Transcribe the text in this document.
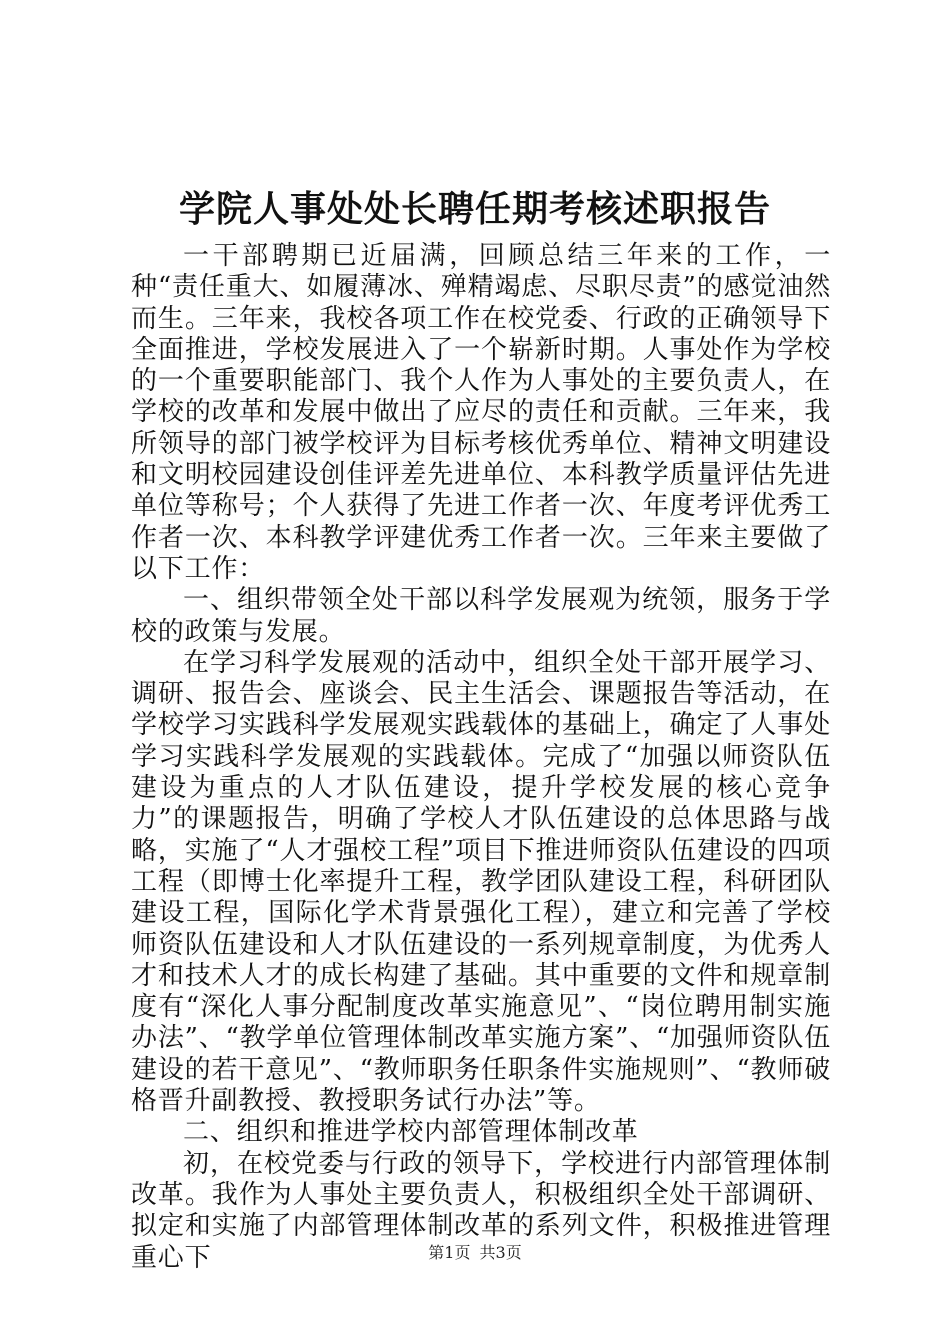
学院人事处处长聘任期考核述职报告

一干部聘期已近届满，回顾总结三年来的工作，一种“责任重大、如履薄冰、殚精竭虑、尽职尽责”的感觉油然而生。三年来，我校各项工作在校党委、行政的正确领导下全面推进，学校发展进入了一个崭新时期。人事处作为学校的一个重要职能部门、我个人作为人事处的主要负责人，在学校的改革和发展中做出了应尽的责任和贡献。三年来，我所领导的部门被学校评为目标考核优秀单位、精神文明建设和文明校园建设创佳评差先进单位、本科教学质量评估先进单位等称号；个人获得了先进工作者一次、年度考评优秀工作者一次、本科教学评建优秀工作者一次。三年来主要做了以下工作：

一、组织带领全处干部以科学发展观为统领，服务于学校的政策与发展。

在学习科学发展观的活动中，组织全处干部开展学习、调研、报告会、座谈会、民主生活会、课题报告等活动，在学校学习实践科学发展观实践载体的基础上，确定了人事处学习实践科学发展观的实践载体。完成了“加强以师资队伍建设为重点的人才队伍建设，提升学校发展的核心竞争力”的课题报告，明确了学校人才队伍建设的总体思路与战略，实施了“人才强校工程”项目下推进师资队伍建设的四项工程（即博士化率提升工程，教学团队建设工程，科研团队建设工程，国际化学术背景强化工程），建立和完善了学校师资队伍建设和人才队伍建设的一系列规章制度，为优秀人才和技术人才的成长构建了基础。其中重要的文件和规章制度有“深化人事分配制度改革实施意见”、“岗位聘用制实施办法”、“教学单位管理体制改革实施方案”、“加强师资队伍建设的若干意见”、“教师职务任职条件实施规则”、“教师破格晋升副教授、教授职务试行办法”等。

二、组织和推进学校内部管理体制改革

初，在校党委与行政的领导下，学校进行内部管理体制改革。我作为人事处主要负责人，积极组织全处干部调研、拟定和实施了内部管理体制改革的系列文件，积极推进管理重心下	第1页 共3页
